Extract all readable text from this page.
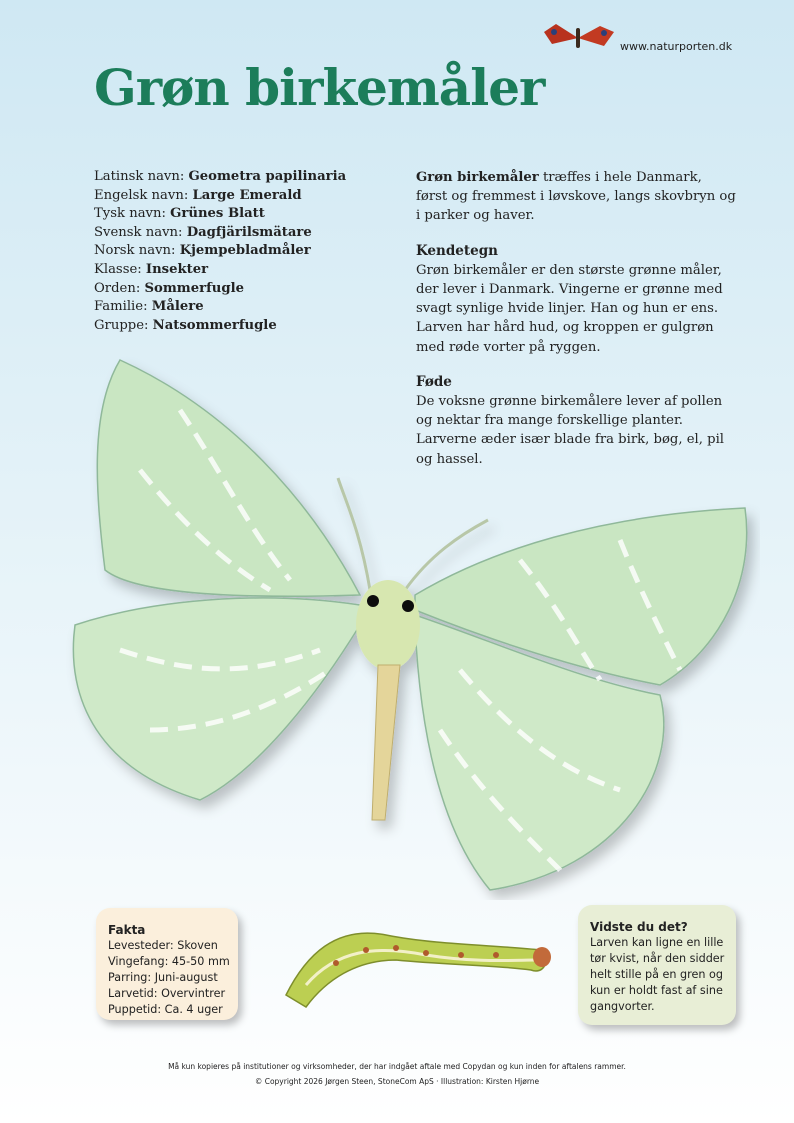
www.naturporten.dk
Grøn birkemåler
Latinsk navn: Geometra papilinaria
Engelsk navn: Large Emerald
Tysk navn: Grünes Blatt
Svensk navn: Dagfjärilsmätare
Norsk navn: Kjempebladmåler
Klasse: Insekter
Orden: Sommerfugle
Familie: Målere
Gruppe: Natsommerfugle

Grøn birkemåler træffes i hele Danmark, først og fremmest i løvskove, langs skovbryn og i parker og haver.

Kendetegn

Grøn birkemåler er den største grønne måler, der lever i Danmark. Vingerne er grønne med svagt synlige hvide linjer. Han og hun er ens. Larven har hård hud, og kroppen er gulgrøn med røde vorter på ryggen.

Føde

De voksne grønne birkemålere lever af pollen og nektar fra mange forskellige planter. Larverne æder især blade fra birk, bøg, el, pil og hassel.

Fakta
Levesteder: Skoven
Vingefang: 45-50 mm
Parring: Juni-august
Larvetid: Overvintrer
Puppetid: Ca. 4 uger
Vidste du det?
Larven kan ligne en lille tør kvist, når den sidder helt stille på en gren og kun er holdt fast af sine gangvorter.
Må kun kopieres på institutioner og virksomheder, der har indgået aftale med Copydan og kun inden for aftalens rammer.
© Copyright 2026 Jørgen Steen, StoneCom ApS · Illustration: Kirsten Hjørne
